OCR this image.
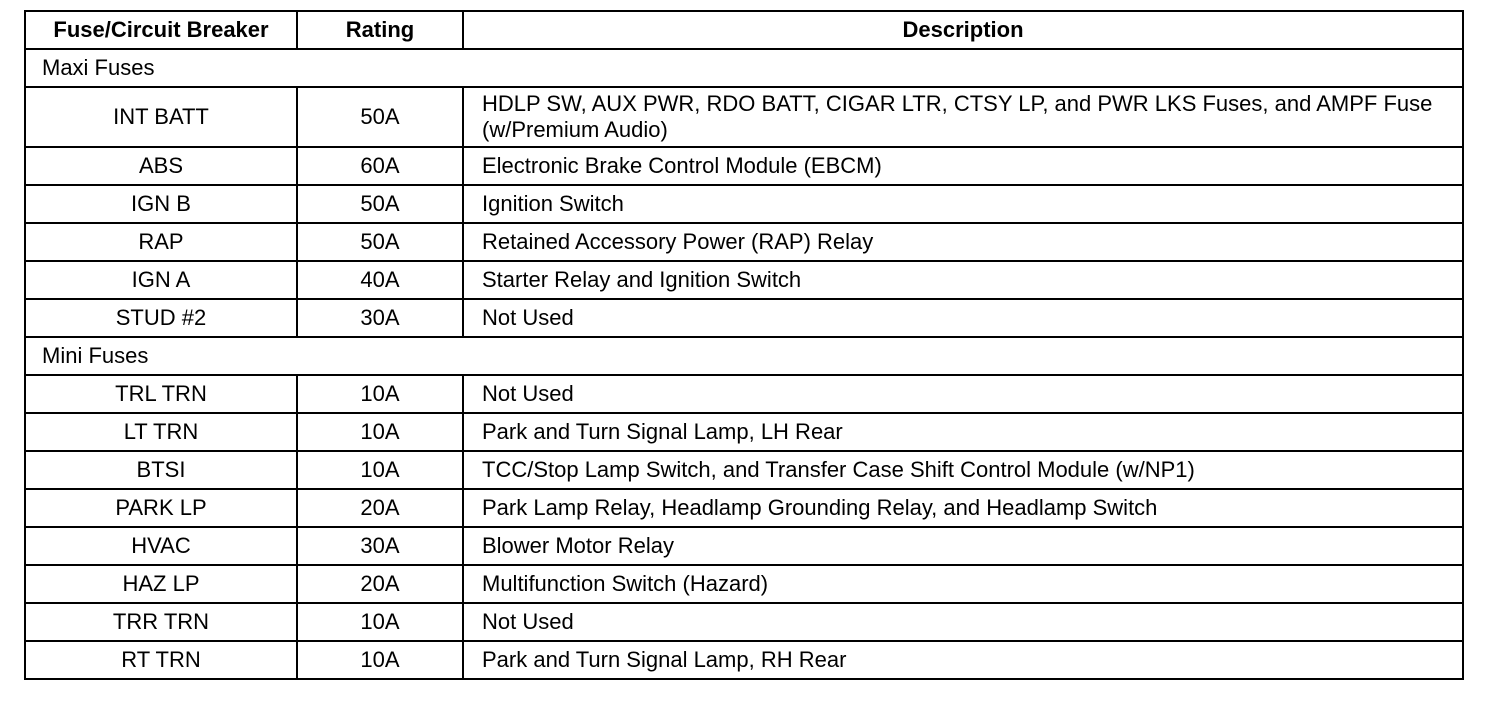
Fuse/Circuit Breaker	Rating	Description
Maxi Fuses		
INT BATT	50A	HDLP SW, AUX PWR, RDO BATT, CIGAR LTR, CTSY LP, and PWR LKS Fuses, and AMPF Fuse (w/Premium Audio)
ABS	60A	Electronic Brake Control Module (EBCM)
IGN B	50A	Ignition Switch
RAP	50A	Retained Accessory Power (RAP) Relay
IGN A	40A	Starter Relay and Ignition Switch
STUD #2	30A	Not Used
Mini Fuses		
TRL TRN	10A	Not Used
LT TRN	10A	Park and Turn Signal Lamp, LH Rear
BTSI	10A	TCC/Stop Lamp Switch, and Transfer Case Shift Control Module (w/NP1)
PARK LP	20A	Park Lamp Relay, Headlamp Grounding Relay, and Headlamp Switch
HVAC	30A	Blower Motor Relay
HAZ LP	20A	Multifunction Switch (Hazard)
TRR TRN	10A	Not Used
RT TRN	10A	Park and Turn Signal Lamp, RH Rear
